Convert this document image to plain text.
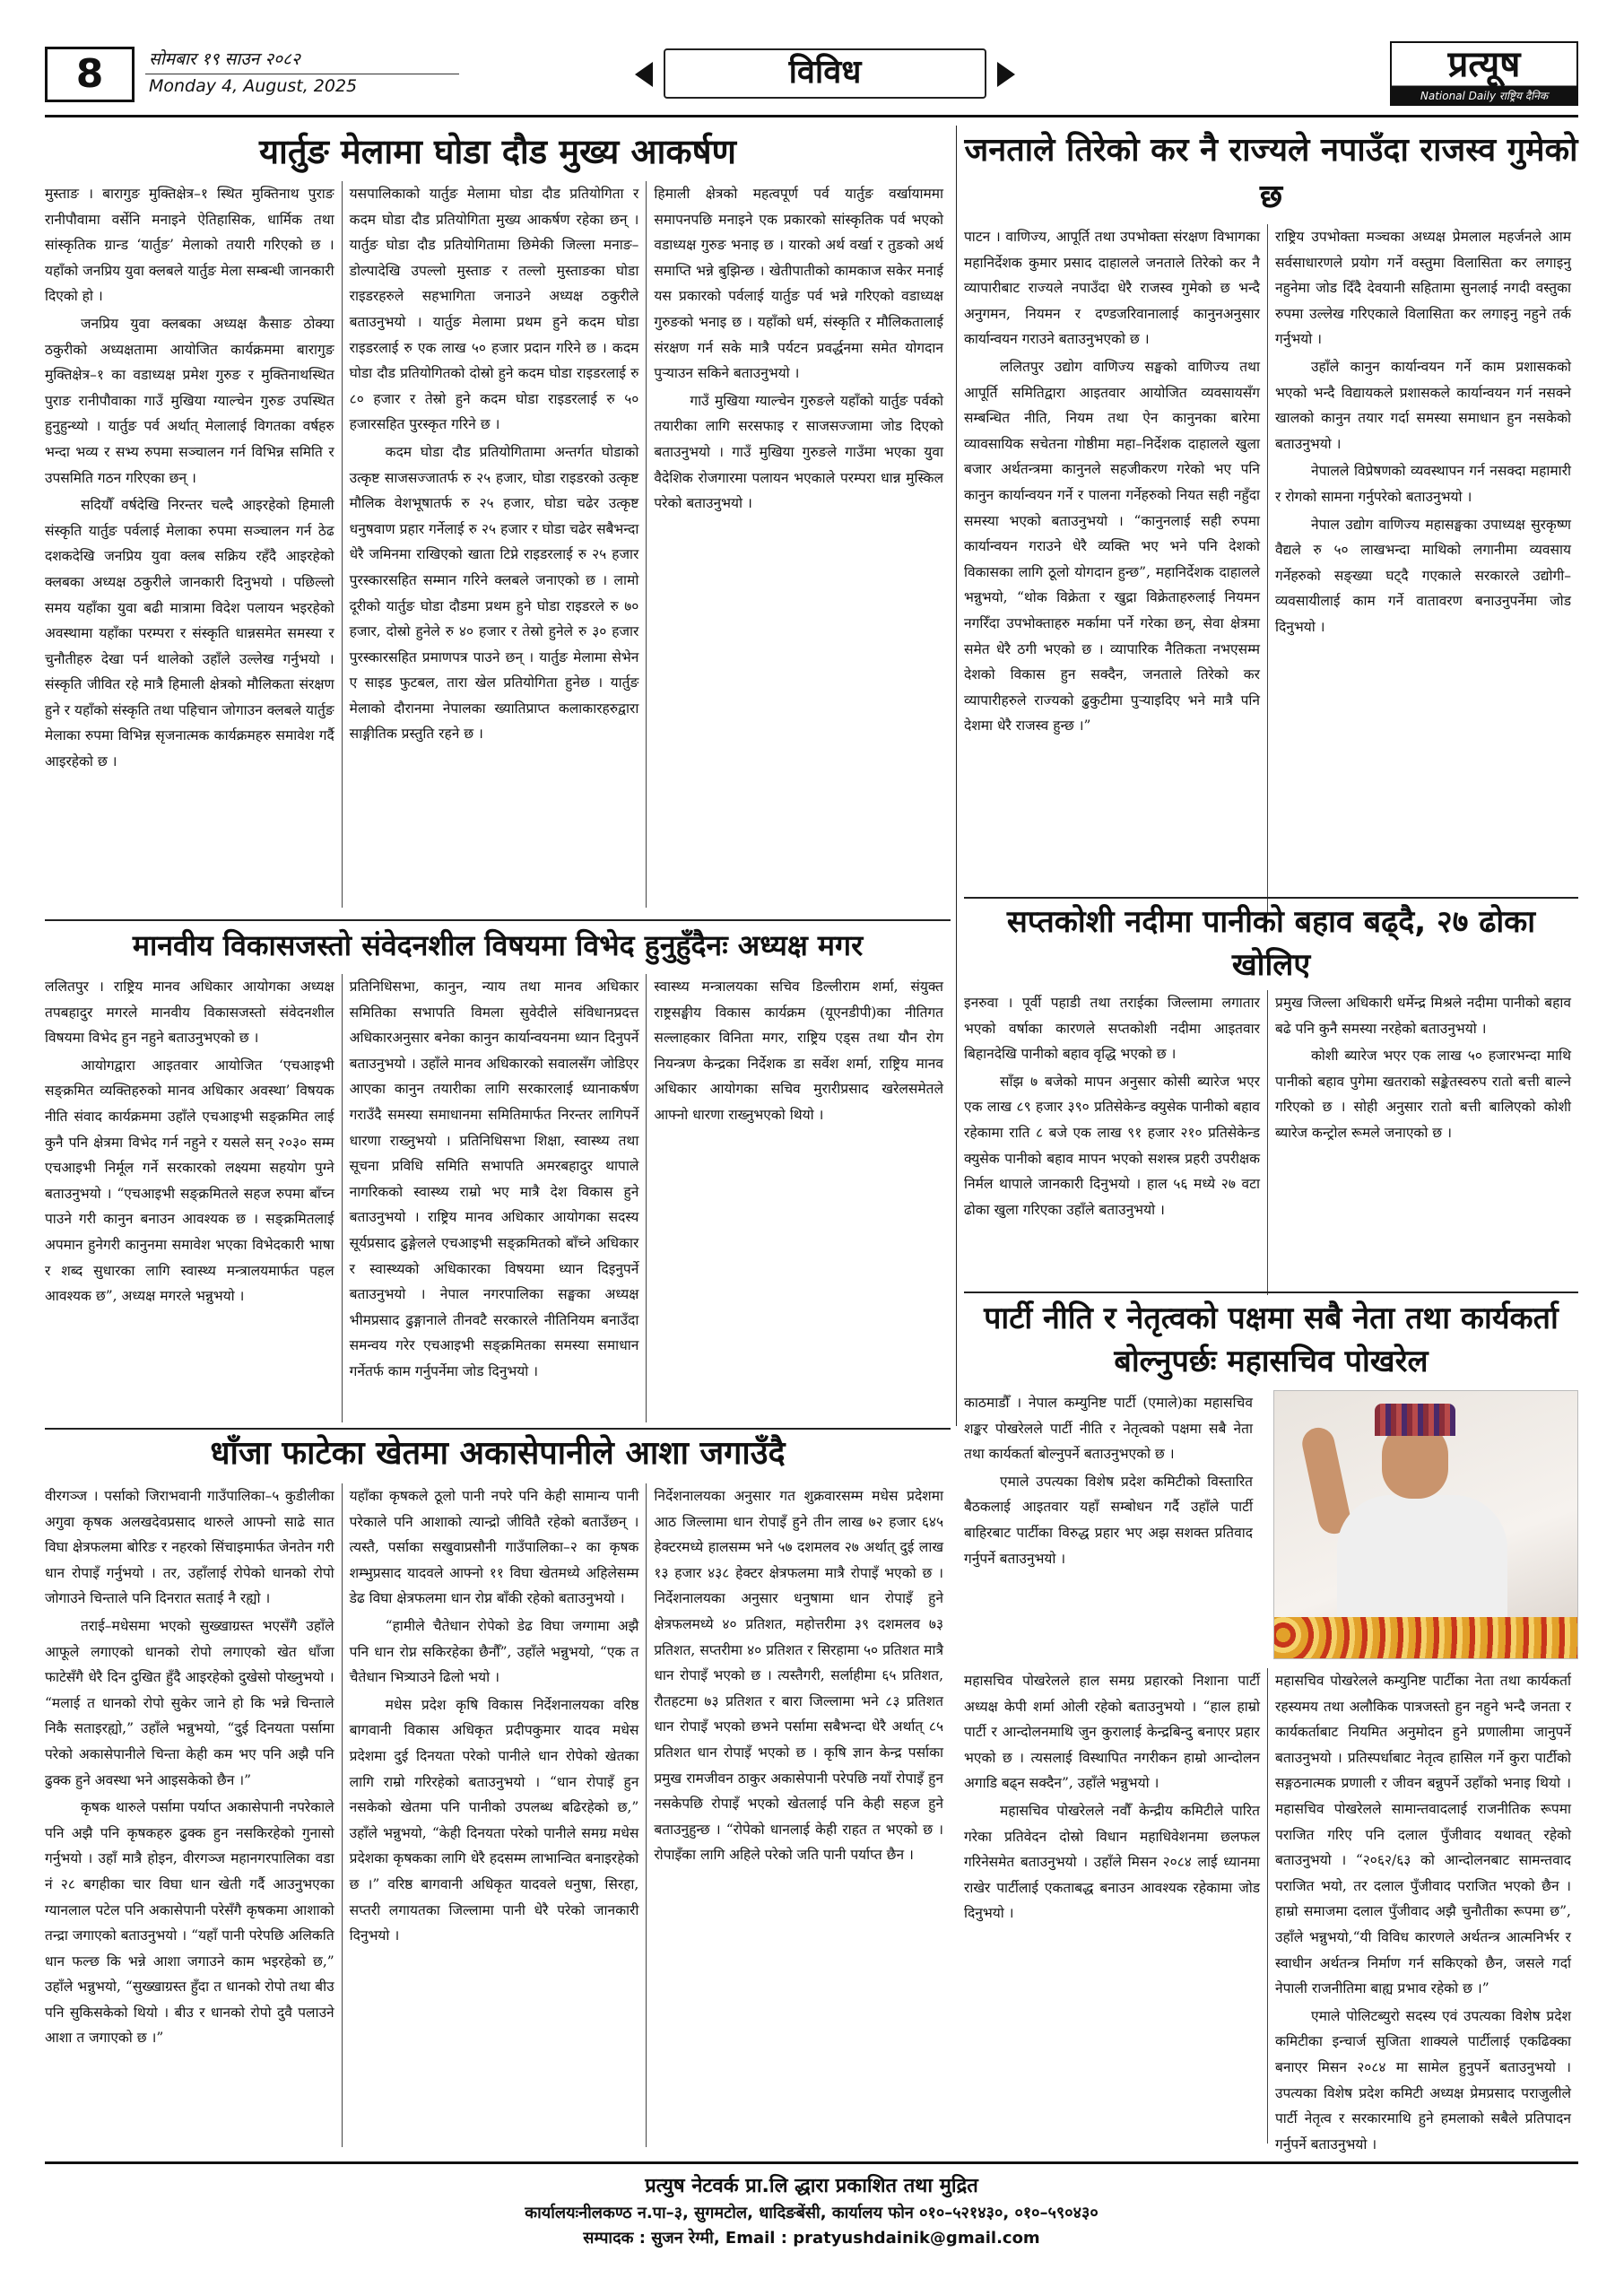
8	सोमबार १९ साउन २०८२
Monday 4, August, 2025	विविध	प्रत्यूष
National Daily राष्ट्रिय दैनिक
यार्तुङ मेलामा घोडा दौड मुख्य आकर्षण

मुस्ताङ । बारागुङ मुक्तिक्षेत्र–१ स्थित मुक्तिनाथ पुराङ रानीपौवामा वर्सेनि मनाइने ऐतिहासिक, धार्मिक तथा सांस्कृतिक ग्रान्ड ‘यार्तुङ’ मेलाको तयारी गरिएको छ । यहाँको जनप्रिय युवा क्लबले यार्तुङ मेला सम्बन्धी जानकारी दिएको हो ।

जनप्रिय युवा क्लबका अध्यक्ष कैसाङ ठोक्या ठकुरीको अध्यक्षतामा आयोजित कार्यक्रममा बारागुङ मुक्तिक्षेत्र–१ का वडाध्यक्ष प्रमेश गुरुङ र मुक्तिनाथस्थित पुराङ रानीपौवाका गाउँ मुखिया ग्याल्चेन गुरुङ उपस्थित हुनुहुन्थ्यो । यार्तुङ पर्व अर्थात् मेलालाई विगतका वर्षहरु भन्दा भव्य र सभ्य रुपमा सञ्चालन गर्न विभिन्न समिति र उपसमिति गठन गरिएका छन् ।

सदियौँ वर्षदेखि निरन्तर चल्दै आइरहेको हिमाली संस्कृति यार्तुङ पर्वलाई मेलाका रुपमा सञ्चालन गर्न ठेढ दशकदेखि जनप्रिय युवा क्लब सक्रिय रहँदै आइरहेको क्लबका अध्यक्ष ठकुरीले जानकारी दिनुभयो । पछिल्लो समय यहाँका युवा बढी मात्रामा विदेश पलायन भइरहेको अवस्थामा यहाँका परम्परा र संस्कृति धान्नसमेत समस्या र चुनौतीहरु देखा पर्न थालेको उहाँले उल्लेख गर्नुभयो । संस्कृति जीवित रहे मात्रै हिमाली क्षेत्रको मौलिकता संरक्षण हुने र यहाँको संस्कृति तथा पहिचान जोगाउन क्लबले यार्तुङ मेलाका रुपमा विभिन्न सृजनात्मक कार्यक्रमहरु समावेश गर्दै आइरहेको छ ।

यसपालिकाको यार्तुङ मेलामा घोडा दौड प्रतियोगिता र कदम घोडा दौड प्रतियोगिता मुख्य आकर्षण रहेका छन् । यार्तुङ घोडा दौड प्रतियोगितामा छिमेकी जिल्ला मनाङ–डोल्पादेखि उपल्लो मुस्ताङ र तल्लो मुस्ताङका घोडा राइडरहरुले सहभागिता जनाउने अध्यक्ष ठकुरीले बताउनुभयो । यार्तुङ मेलामा प्रथम हुने कदम घोडा राइडरलाई रु एक लाख ५० हजार प्रदान गरिने छ । कदम घोडा दौड प्रतियोगितको दोस्रो हुने कदम घोडा राइडरलाई रु ८० हजार र तेस्रो हुने कदम घोडा राइडरलाई रु ५० हजारसहित पुरस्कृत गरिने छ ।

कदम घोडा दौड प्रतियोगितामा अन्तर्गत घोडाको उत्कृष्ट साजसज्जातर्फ रु २५ हजार, घोडा राइडरको उत्कृष्ट मौलिक वेशभूषातर्फ रु २५ हजार, घोडा चढेर उत्कृष्ट धनुषवाण प्रहार गर्नेलाई रु २५ हजार र घोडा चढेर सबैभन्दा धेरै जमिनमा राखिएको खाता टिप्ने राइडरलाई रु २५ हजार पुरस्कारसहित सम्मान गरिने क्लबले जनाएको छ । लामो दूरीको यार्तुङ घोडा दौडमा प्रथम हुने घोडा राइडरले रु ७० हजार, दोस्रो हुनेले रु ४० हजार र तेस्रो हुनेले रु ३० हजार पुरस्कारसहित प्रमाणपत्र पाउने छन् । यार्तुङ मेलामा सेभेन ए साइड फुटबल, तारा खेल प्रतियोगिता हुनेछ । यार्तुङ मेलाको दौरानमा नेपालका ख्यातिप्राप्त कलाकारहरुद्वारा साङ्गीतिक प्रस्तुति रहने छ ।

हिमाली क्षेत्रको महत्वपूर्ण पर्व यार्तुङ वर्खायाममा समापनपछि मनाइने एक प्रकारको सांस्कृतिक पर्व भएको वडाध्यक्ष गुरुङ भनाइ छ । यारको अर्थ वर्खा र तुङको अर्थ समाप्ति भन्ने बुझिन्छ । खेतीपातीको कामकाज सकेर मनाई यस प्रकारको पर्वलाई यार्तुङ पर्व भन्ने गरिएको वडाध्यक्ष गुरुङको भनाइ छ । यहाँको धर्म, संस्कृति र मौलिकतालाई संरक्षण गर्न सके मात्रै पर्यटन प्रवर्द्धनमा समेत योगदान पुऱ्याउन सकिने बताउनुभयो ।

गाउँ मुखिया ग्याल्चेन गुरुङले यहाँको यार्तुङ पर्वको तयारीका लागि सरसफाइ र साजसज्जामा जोड दिएको बताउनुभयो । गाउँ मुखिया गुरुङले गाउँमा भएका युवा वैदेशिक रोजगारमा पलायन भएकाले परम्परा धान्न मुस्किल परेको बताउनुभयो ।

जनताले तिरेको कर नै राज्यले नपाउँदा राजस्व गुमेको छ

पाटन । वाणिज्य, आपूर्ति तथा उपभोक्ता संरक्षण विभागका महानिर्देशक कुमार प्रसाद दाहालले जनताले तिरेको कर नै व्यापारीबाट राज्यले नपाउँदा धेरै राजस्व गुमेको छ भन्दै अनुगमन, नियमन र दण्डजरिवानालाई कानुनअनुसार कार्यान्वयन गराउने बताउनुभएको छ ।

ललितपुर उद्योग वाणिज्य सङ्घको वाणिज्य तथा आपूर्ति समितिद्वारा आइतवार आयोजित व्यवसायसँग सम्बन्धित नीति, नियम तथा ऐन कानुनका बारेमा व्यावसायिक सचेतना गोष्ठीमा महा–निर्देशक दाहालले खुला बजार अर्थतन्त्रमा कानुनले सहजीकरण गरेको भए पनि कानुन कार्यान्वयन गर्ने र पालना गर्नेहरुको नियत सही नहुँदा समस्या भएको बताउनुभयो । “कानुनलाई सही रुपमा कार्यान्वयन गराउने धेरै व्यक्ति भए भने पनि देशको विकासका लागि ठूलो योगदान हुन्छ”, महानिर्देशक दाहालले भन्नुभयो, “थोक विक्रेता र खुद्रा विक्रेताहरुलाई नियमन नगरिँदा उपभोक्ताहरु मर्कामा पर्ने गरेका छन्, सेवा क्षेत्रमा समेत धेरै ठगी भएको छ । व्यापारिक नैतिकता नभएसम्म देशको विकास हुन सक्दैन, जनताले तिरेको कर व्यापारीहरुले राज्यको ढुकुटीमा पुऱ्याइदिए भने मात्रै पनि देशमा धेरै राजस्व हुन्छ ।”

राष्ट्रिय उपभोक्ता मञ्चका अध्यक्ष प्रेमलाल महर्जनले आम सर्वसाधारणले प्रयोग गर्ने वस्तुमा विलासिता कर लगाइनु नहुनेमा जोड दिँदै देवयानी सहितामा सुनलाई नगदी वस्तुका रुपमा उल्लेख गरिएकाले विलासिता कर लगाइनु नहुने तर्क गर्नुभयो ।

उहाँले कानुन कार्यान्वयन गर्ने काम प्रशासकको भएको भन्दै विद्यायकले प्रशासकले कार्यान्वयन गर्न नसक्ने खालको कानुन तयार गर्दा समस्या समाधान हुन नसकेको बताउनुभयो ।

नेपालले विप्रेषणको व्यवस्थापन गर्न नसक्दा महामारी र रोगको सामना गर्नुपरेको बताउनुभयो ।

नेपाल उद्योग वाणिज्य महासङ्घका उपाध्यक्ष सुरकृष्ण वैद्यले रु ५० लाखभन्दा माथिको लगानीमा व्यवसाय गर्नेहरुको सङ्ख्या घट्दै गएकाले सरकारले उद्योगी–व्यवसायीलाई काम गर्ने वातावरण बनाउनुपर्नेमा जोड दिनुभयो ।

मानवीय विकासजस्तो संवेदनशील विषयमा विभेद हुनुहुँदैनः अध्यक्ष मगर

ललितपुर । राष्ट्रिय मानव अधिकार आयोगका अध्यक्ष तपबहादुर मगरले मानवीय विकासजस्तो संवेदनशील विषयमा विभेद हुन नहुने बताउनुभएको छ ।

आयोगद्वारा आइतवार आयोजित ‘एचआइभी सङ्क्रमित व्यक्तिहरुको मानव अधिकार अवस्था’ विषयक नीति संवाद कार्यक्रममा उहाँले एचआइभी सङ्क्रमित लाई कुनै पनि क्षेत्रमा विभेद गर्न नहुने र यसले सन् २०३० सम्म एचआइभी निर्मूल गर्ने सरकारको लक्ष्यमा सहयोग पुग्ने बताउनुभयो । “एचआइभी सङ्क्रमितले सहज रुपमा बाँच्न पाउने गरी कानुन बनाउन आवश्यक छ । सङ्क्रमितलाई अपमान हुनेगरी कानुनमा समावेश भएका विभेदकारी भाषा र शब्द सुधारका लागि स्वास्थ्य मन्त्रालयमार्फत पहल आवश्यक छ”, अध्यक्ष मगरले भन्नुभयो ।

प्रतिनिधिसभा, कानुन, न्याय तथा मानव अधिकार समितिका सभापति विमला सुवेदीले संविधानप्रदत्त अधिकारअनुसार बनेका कानुन कार्यान्वयनमा ध्यान दिनुपर्ने बताउनुभयो । उहाँले मानव अधिकारको सवालसँग जोडिएर आएका कानुन तयारीका लागि सरकारलाई ध्यानाकर्षण गराउँदै समस्या समाधानमा समितिमार्फत निरन्तर लागिपर्ने धारणा राख्नुभयो । प्रतिनिधिसभा शिक्षा, स्वास्थ्य तथा सूचना प्रविधि समिति सभापति अमरबहादुर थापाले नागरिकको स्वास्थ्य राम्रो भए मात्रै देश विकास हुने बताउनुभयो । राष्ट्रिय मानव अधिकार आयोगका सदस्य सूर्यप्रसाद ढुङ्गेलले एचआइभी सङ्क्रमितको बाँच्ने अधिकार र स्वास्थ्यको अधिकारका विषयमा ध्यान दिइनुपर्ने बताउनुभयो । नेपाल नगरपालिका सङ्घका अध्यक्ष भीमप्रसाद ढुङ्गानाले तीनवटै सरकारले नीतिनियम बनाउँदा समन्वय गरेर एचआइभी सङ्क्रमितका समस्या समाधान गर्नेतर्फ काम गर्नुपर्नेमा जोड दिनुभयो ।

स्वास्थ्य मन्त्रालयका सचिव डिल्लीराम शर्मा, संयुक्त राष्ट्रसङ्घीय विकास कार्यक्रम (यूएनडीपी)का नीतिगत सल्लाहकार विनिता मगर, राष्ट्रिय एड्स तथा यौन रोग नियन्त्रण केन्द्रका निर्देशक डा सर्वेश शर्मा, राष्ट्रिय मानव अधिकार आयोगका सचिव मुरारीप्रसाद खरेलसमेतले आफ्नो धारणा राख्नुभएको थियो ।

सप्तकोशी नदीमा पानीको बहाव बढ्दै, २७ ढोका खोलिए

इनरुवा । पूर्वी पहाडी तथा तराईका जिल्लामा लगातार भएको वर्षाका कारणले सप्तकोशी नदीमा आइतवार बिहानदेखि पानीको बहाव वृद्धि भएको छ ।

साँझ ७ बजेको मापन अनुसार कोसी ब्यारेज भएर एक लाख ८९ हजार ३९० प्रतिसेकेन्ड क्युसेक पानीको बहाव रहेकामा राति ८ बजे एक लाख ९१ हजार २१० प्रतिसेकेन्ड क्युसेक पानीको बहाव मापन भएको सशस्त्र प्रहरी उपरीक्षक निर्मल थापाले जानकारी दिनुभयो । हाल ५६ मध्ये २७ वटा ढोका खुला गरिएका उहाँले बताउनुभयो ।

प्रमुख जिल्ला अधिकारी धर्मेन्द्र मिश्रले नदीमा पानीको बहाव बढे पनि कुनै समस्या नरहेको बताउनुभयो ।

कोशी ब्यारेज भएर एक लाख ५० हजारभन्दा माथि पानीको बहाव पुगेमा खतराको सङ्केतस्वरुप रातो बत्ती बाल्ने गरिएको छ । सोही अनुसार रातो बत्ती बालिएको कोशी ब्यारेज कन्ट्रोल रूमले जनाएको छ ।

पार्टी नीति र नेतृत्वको पक्षमा सबै नेता तथा कार्यकर्ता बोल्नुपर्छः महासचिव पोखरेल

काठमाडौँ । नेपाल कम्युनिष्ट पार्टी (एमाले)का महासचिव शङ्कर पोखरेलले पार्टी नीति र नेतृत्वको पक्षमा सबै नेता तथा कार्यकर्ता बोल्नुपर्ने बताउनुभएको छ ।

एमाले उपत्यका विशेष प्रदेश कमिटीको विस्तारित बैठकलाई आइतवार यहाँ सम्बोधन गर्दै उहाँले पार्टी बाहिरबाट पार्टीका विरुद्ध प्रहार भए अझ सशक्त प्रतिवाद गर्नुपर्ने बताउनुभयो ।

महासचिव पोखरेलले हाल समग्र प्रहारको निशाना पार्टी अध्यक्ष केपी शर्मा ओली रहेको बताउनुभयो । “हाल हाम्रो पार्टी र आन्दोलनमाथि जुन कुरालाई केन्द्रबिन्दु बनाएर प्रहार भएको छ । त्यसलाई विस्थापित नगरीकन हाम्रो आन्दोलन अगाडि बढ्न सक्दैन”, उहाँले भन्नुभयो ।

महासचिव पोखरेलले नवौँ केन्द्रीय कमिटीले पारित गरेका प्रतिवेदन दोस्रो विधान महाधिवेशनमा छलफल गरिनेसमेत बताउनुभयो । उहाँले मिसन २०८४ लाई ध्यानमा राखेर पार्टीलाई एकताबद्ध बनाउन आवश्यक रहेकामा जोड दिनुभयो ।

महासचिव पोखरेलले कम्युनिष्ट पार्टीका नेता तथा कार्यकर्ता रहस्यमय तथा अलौकिक पात्रजस्तो हुन नहुने भन्दै जनता र कार्यकर्ताबाट नियमित अनुमोदन हुने प्रणालीमा जानुपर्ने बताउनुभयो । प्रतिस्पर्धाबाट नेतृत्व हासिल गर्ने कुरा पार्टीको सङ्गठनात्मक प्रणाली र जीवन बन्नुपर्ने उहाँको भनाइ थियो । महासचिव पोखरेलले सामान्तवादलाई राजनीतिक रूपमा पराजित गरिए पनि दलाल पुँजीवाद यथावत् रहेको बताउनुभयो । “२०६२/६३ को आन्दोलनबाट सामन्तवाद पराजित भयो, तर दलाल पुँजीवाद पराजित भएको छैन । हाम्रो समाजमा दलाल पुँजीवाद अझै चुनौतीका रूपमा छ”, उहाँले भन्नुभयो,“यी विविध कारणले अर्थतन्त्र आत्मनिर्भर र स्वाधीन अर्थतन्त्र निर्माण गर्न सकिएको छैन, जसले गर्दा नेपाली राजनीतिमा बाह्य प्रभाव रहेको छ ।”

एमाले पोलिटब्युरो सदस्य एवं उपत्यका विशेष प्रदेश कमिटीका इन्चार्ज सुजिता शाक्यले पार्टीलाई एकढिक्का बनाएर मिसन २०८४ मा सामेल हुनुपर्ने बताउनुभयो । उपत्यका विशेष प्रदेश कमिटी अध्यक्ष प्रेमप्रसाद पराजुलीले पार्टी नेतृत्व र सरकारमाथि हुने हमलाको सबैले प्रतिपादन गर्नुपर्ने बताउनुभयो ।

धाँजा फाटेका खेतमा अकासेपानीले आशा जगाउँदै

वीरगञ्ज । पर्साको जिराभवानी गाउँपालिका–५ कुडीलीका अगुवा कृषक अलखदेवप्रसाद थारुले आफ्नो साढे सात विघा क्षेत्रफलमा बोरिङ र नहरको सिंचाइमार्फत जेनतेन गरी धान रोपाइँ गर्नुभयो । तर, उहाँलाई रोपेको धानको रोपो जोगाउने चिन्ताले पनि दिनरात सताई नै रह्यो ।

तराई–मधेसमा भएको सुख्खाग्रस्त भएसँगै उहाँले आफूले लगाएको धानको रोपो लगाएको खेत धाँजा फाटेसँगै धेरै दिन दुखित हुँदै आइरहेको दुखेसो पोख्नुभयो । “मलाई त धानको रोपो सुकेर जाने हो कि भन्ने चिन्ताले निकै सताइरह्यो,” उहाँले भन्नुभयो, “दुई दिनयता पर्सामा परेको अकासेपानीले चिन्ता केही कम भए पनि अझै पनि ढुक्क हुने अवस्था भने आइसकेको छैन ।”

कृषक थारुले पर्सामा पर्याप्त अकासेपानी नपरेकाले पनि अझै पनि कृषकहरु ढुक्क हुन नसकिरहेको गुनासो गर्नुभयो । उहाँ मात्रै होइन, वीरगञ्ज महानगरपालिका वडा नं २८ बगहीका चार विघा धान खेती गर्दै आउनुभएका ग्यानलाल पटेल पनि अकासेपानी परेसँगै कृषकमा आशाको तन्द्रा जगाएको बताउनुभयो । “यहाँ पानी परेपछि अलिकति धान फल्छ कि भन्ने आशा जगाउने काम भइरहेको छ,” उहाँले भन्नुभयो, “सुख्खाग्रस्त हुँदा त धानको रोपो तथा बीउ पनि सुकिसकेको थियो । बीउ र धानको रोपो दुवै पलाउने आशा त जगाएको छ ।”

यहाँका कृषकले ठूलो पानी नपरे पनि केही सामान्य पानी परेकाले पनि आशाको त्यान्द्रो जीवितै रहेको बताउँछन् । त्यस्तै, पर्साका सखुवाप्रसौनी गाउँपालिका–२ का कृषक शम्भुप्रसाद यादवले आफ्नो ११ विघा खेतमध्ये अहिलेसम्म डेढ विघा क्षेत्रफलमा धान रोप्न बाँकी रहेको बताउनुभयो ।

“हामीले चैतेधान रोपेको डेढ विघा जग्गामा अझै पनि धान रोप्न सकिरहेका छैनौँ”, उहाँले भन्नुभयो, “एक त चैतेधान भित्र्याउने ढिलो भयो ।

मधेस प्रदेश कृषि विकास निर्देशनालयका वरिष्ठ बागवानी विकास अधिकृत प्रदीपकुमार यादव मधेस प्रदेशमा दुई दिनयता परेको पानीले धान रोपेको खेतका लागि राम्रो गरिरहेको बताउनुभयो । “धान रोपाइँ हुन नसकेको खेतमा पनि पानीको उपलब्ध बढिरहेको छ,” उहाँले भन्नुभयो, “केही दिनयता परेको पानीले समग्र मधेस प्रदेशका कृषकका लागि धेरै हदसम्म लाभान्वित बनाइरहेको छ ।” वरिष्ठ बागवानी अधिकृत यादवले धनुषा, सिरहा, सप्तरी लगायतका जिल्लामा पानी धेरै परेको जानकारी दिनुभयो ।

निर्देशनालयका अनुसार गत शुक्रवारसम्म मधेस प्रदेशमा आठ जिल्लामा धान रोपाइँ हुने तीन लाख ७२ हजार ६४५ हेक्टरमध्ये हालसम्म भने ५७ दशमलव २७ अर्थात् दुई लाख १३ हजार ४३८ हेक्टर क्षेत्रफलमा मात्रै रोपाइँ भएको छ । निर्देशनालयका अनुसार धनुषामा धान रोपाइँ हुने क्षेत्रफलमध्ये ४० प्रतिशत, महोत्तरीमा ३९ दशमलव ७३ प्रतिशत, सप्तरीमा ४० प्रतिशत र सिरहामा ५० प्रतिशत मात्रै धान रोपाइँ भएको छ । त्यस्तैगरी, सर्लाहीमा ६५ प्रतिशत, रौतहटमा ७३ प्रतिशत र बारा जिल्लामा भने ८३ प्रतिशत धान रोपाइँ भएको छभने पर्सामा सबैभन्दा धेरै अर्थात् ८५ प्रतिशत धान रोपाइँ भएको छ । कृषि ज्ञान केन्द्र पर्साका प्रमुख रामजीवन ठाकुर अकासेपानी परेपछि नयाँ रोपाइँ हुन नसकेपछि रोपाइँ भएको खेतलाई पनि केही सहज हुने बताउनुहुन्छ । “रोपेको धानलाई केही राहत त भएको छ । रोपाइँका लागि अहिले परेको जति पानी पर्याप्त छैन ।

प्रत्युष नेटवर्क प्रा.लि द्धारा प्रकाशित तथा मुद्रित
कार्यालयःनीलकण्ठ न.पा–३, सुगमटोल, धादिङबेंसी, कार्यालय फोन ०१०–५२१४३०, ०१०–५९०४३०
सम्पादक : सुजन रेग्मी, Email : pratyushdainik@gmail.com
